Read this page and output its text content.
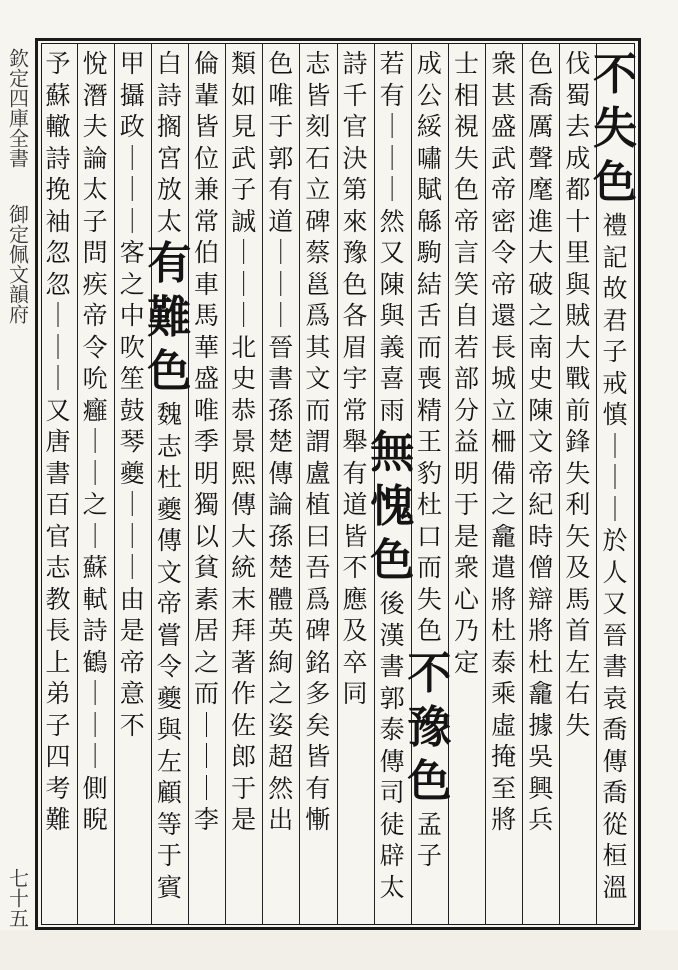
欽定四庫全書
御定佩文韻府
七十五
不
失
色
禮
記
故
君
子
戒
慎
｜
｜
｜
於
人
又
晉
書
袁
喬
傳
喬
從
桓
溫
伐
蜀
去
成
都
十
里
與
賊
大
戰
前
鋒
失
利
矢
及
馬
首
左
右
失
色
喬
厲
聲
麾
進
大
破
之
南
史
陳
文
帝
紀
時
僧
辯
將
杜
龕
據
吳
興
兵
衆
甚
盛
武
帝
密
令
帝
還
長
城
立
柵
備
之
龕
遣
將
杜
泰
乘
虛
掩
至
將
士
相
視
失
色
帝
言
笑
自
若
部
分
益
明
于
是
衆
心
乃
定
成
公
綏
嘯
賦
緜
駒
結
舌
而
喪
精
王
豹
杜
口
而
失
色
不
豫
色
孟
子
若
有
｜
｜
｜
然
又
陳
與
義
喜
雨
無
愧
色
後
漢
書
郭
泰
傳
司
徒
辟
太
詩
千
官
決
第
來
豫
色
各
眉
宇
常
舉
有
道
皆
不
應
及
卒
同
志
皆
刻
石
立
碑
蔡
邕
爲
其
文
而
謂
盧
植
曰
吾
爲
碑
銘
多
矣
皆
有
慚
色
唯
于
郭
有
道
｜
｜
｜
晉
書
孫
楚
傳
論
孫
楚
體
英
絢
之
姿
超
然
出
類
如
見
武
子
誠
｜
｜
｜
北
史
恭
景
熙
傳
大
統
末
拜
著
作
佐
郎
于
是
倫
輩
皆
位
兼
常
伯
車
馬
華
盛
唯
季
明
獨
以
貧
素
居
之
而
｜
｜
｜
李
白
詩
搁
宮
放
太
有
難
色
魏
志
杜
夔
傳
文
帝
嘗
令
夔
與
左
顧
等
于
賓
甲
攝
政
｜
｜
｜
客
之
中
吹
笙
鼓
琴
夔
｜
｜
｜
由
是
帝
意
不
悅
潛
夫
論
太
子
問
疾
帝
令
吮
癰
｜
｜
之
｜
蘇
軾
詩
鶴
｜
｜
｜
側
睨
予
蘇
轍
詩
挽
袖
忽
忽
｜
｜
｜
又
唐
書
百
官
志
教
長
上
弟
子
四
考
難
